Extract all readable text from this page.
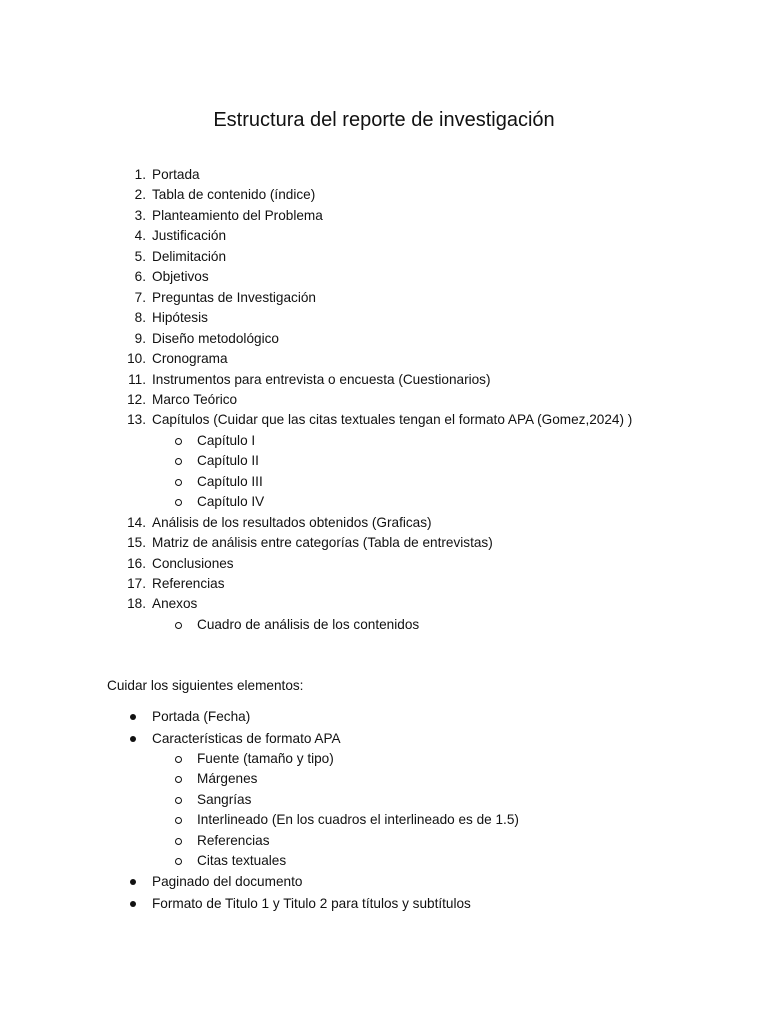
Estructura del reporte de investigación
1. Portada
2. Tabla de contenido (índice)
3. Planteamiento del Problema
4. Justificación
5. Delimitación
6. Objetivos
7. Preguntas de Investigación
8. Hipótesis
9. Diseño metodológico
10. Cronograma
11. Instrumentos para entrevista o encuesta (Cuestionarios)
12. Marco Teórico
13. Capítulos (Cuidar que las citas textuales tengan el formato APA (Gomez,2024) )
Capítulo I
Capítulo II
Capítulo III
Capítulo IV
14. Análisis de los resultados obtenidos (Graficas)
15. Matriz de análisis entre categorías (Tabla de entrevistas)
16. Conclusiones
17. Referencias
18. Anexos
Cuadro de análisis de los contenidos
Cuidar los siguientes elementos:
Portada (Fecha)
Características de formato APA
Fuente (tamaño y tipo)
Márgenes
Sangrías
Interlineado (En los cuadros el interlineado es de 1.5)
Referencias
Citas textuales
Paginado del documento
Formato de Titulo 1 y Titulo 2 para títulos y subtítulos
